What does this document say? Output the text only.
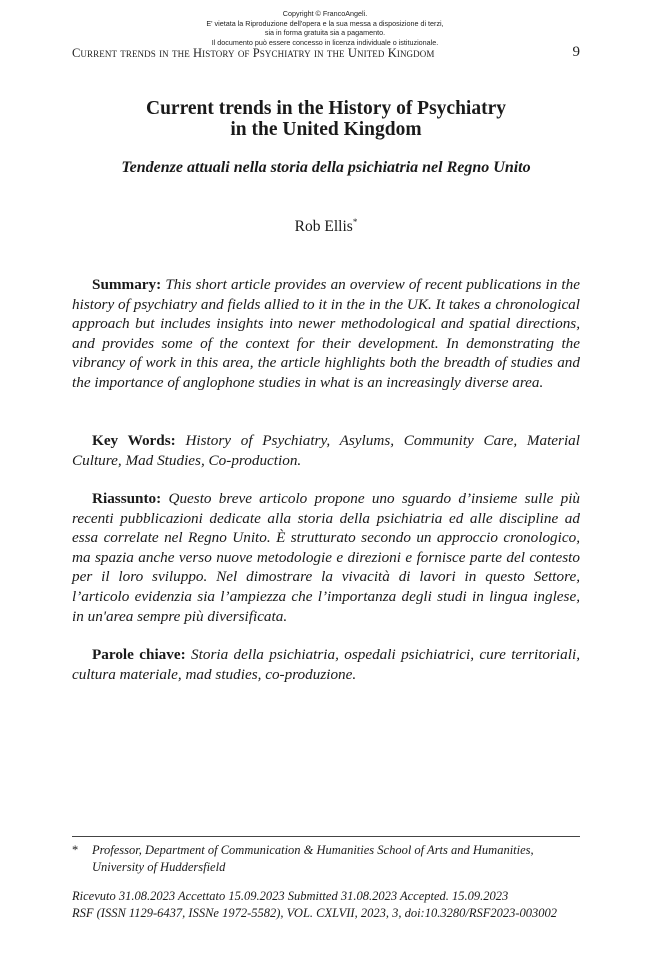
Copyright © FrancoAngeli.
E' vietata la Riproduzione dell'opera e la sua messa a disposizione di terzi,
sia in forma gratuita sia a pagamento.
Il documento può essere concesso in licenza individuale o istituzionale.
Current trends in the History of Psychiatry in the United Kingdom	9
Current trends in the History of Psychiatry
in the United Kingdom
Tendenze attuali nella storia della psichiatria nel Regno Unito
Rob Ellis*

Summary: This short article provides an overview of recent publications in the history of psychiatry and fields allied to it in the in the UK. It takes a chronological approach but includes insights into newer methodological and spatial directions, and provides some of the context for their development. In demonstrating the vibrancy of work in this area, the article highlights both the breadth of studies and the importance of anglophone studies in what is an increasingly diverse area.

Key Words: History of Psychiatry, Asylums, Community Care, Material Culture, Mad Studies, Co-production.

Riassunto: Questo breve articolo propone uno sguardo d’insieme sulle più recenti pubblicazioni dedicate alla storia della psichiatria ed alle discipline ad essa correlate nel Regno Unito. È strutturato secondo un approccio cronologico, ma spazia anche verso nuove metodologie e direzioni e fornisce parte del contesto per il loro sviluppo. Nel dimostrare la vivacità di lavori in questo Settore, l’articolo evidenzia sia l’ampiezza che l’importanza degli studi in lingua inglese, in un'area sempre più diversificata.

Parole chiave: Storia della psichiatria, ospedali psichiatrici, cure territoriali, cultura materiale, mad studies, co-produzione.

*	Professor, Department of Communication & Humanities School of Arts and Humanities, University of Huddersfield
Ricevuto 31.08.2023 Accettato 15.09.2023 Submitted 31.08.2023 Accepted. 15.09.2023
RSF (ISSN 1129-6437, ISSNe 1972-5582), VOL. CXLVII, 2023, 3, doi:10.3280/RSF2023-003002
